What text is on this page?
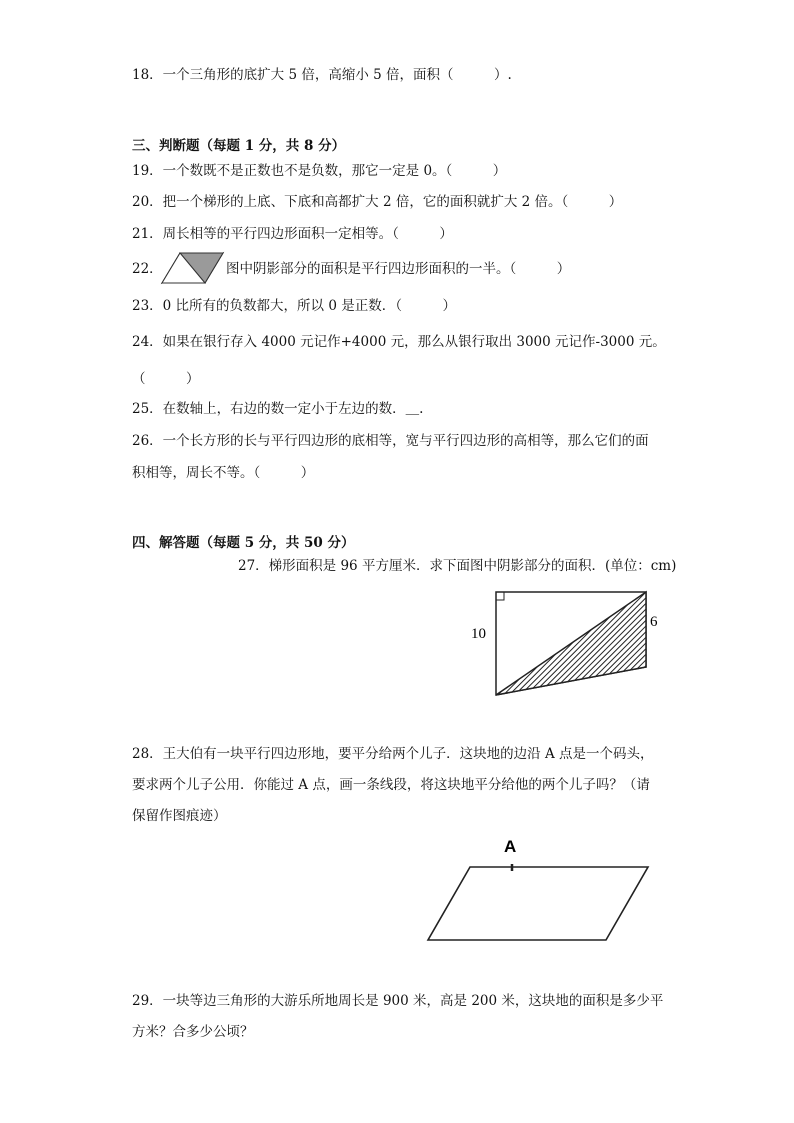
18．一个三角形的底扩大 5 倍，高缩小 5 倍，面积（　　　）.
三、判断题（每题 1 分，共 8 分）
19．一个数既不是正数也不是负数，那它一定是 0。（　　　）
20．把一个梯形的上底、下底和高都扩大 2 倍，它的面积就扩大 2 倍。（　　　）
21．周长相等的平行四边形面积一定相等。（　　　）
22．	图中阴影部分的面积是平行四边形面积的一半。（　　　）
23．0 比所有的负数都大，所以 0 是正数．（　　　）
24．如果在银行存入 4000 元记作+4000 元，那么从银行取出 3000 元记作-3000 元。
（　　　）
25．在数轴上，右边的数一定小于左边的数．＿.
26．一个长方形的长与平行四边形的底相等，宽与平行四边形的高相等，那么它们的面
积相等，周长不等。（　　　）
四、解答题（每题 5 分，共 50 分）
27．梯形面积是 96 平方厘米．求下面图中阴影部分的面积．(单位：cm)
10
6
28．王大伯有一块平行四边形地，要平分给两个儿子．这块地的边沿 A 点是一个码头，
要求两个儿子公用．你能过 A 点，画一条线段，将这块地平分给他的两个儿子吗？（请
保留作图痕迹）
A
29．一块等边三角形的大游乐所地周长是 900 米，高是 200 米，这块地的面积是多少平
方米？合多少公顷？
